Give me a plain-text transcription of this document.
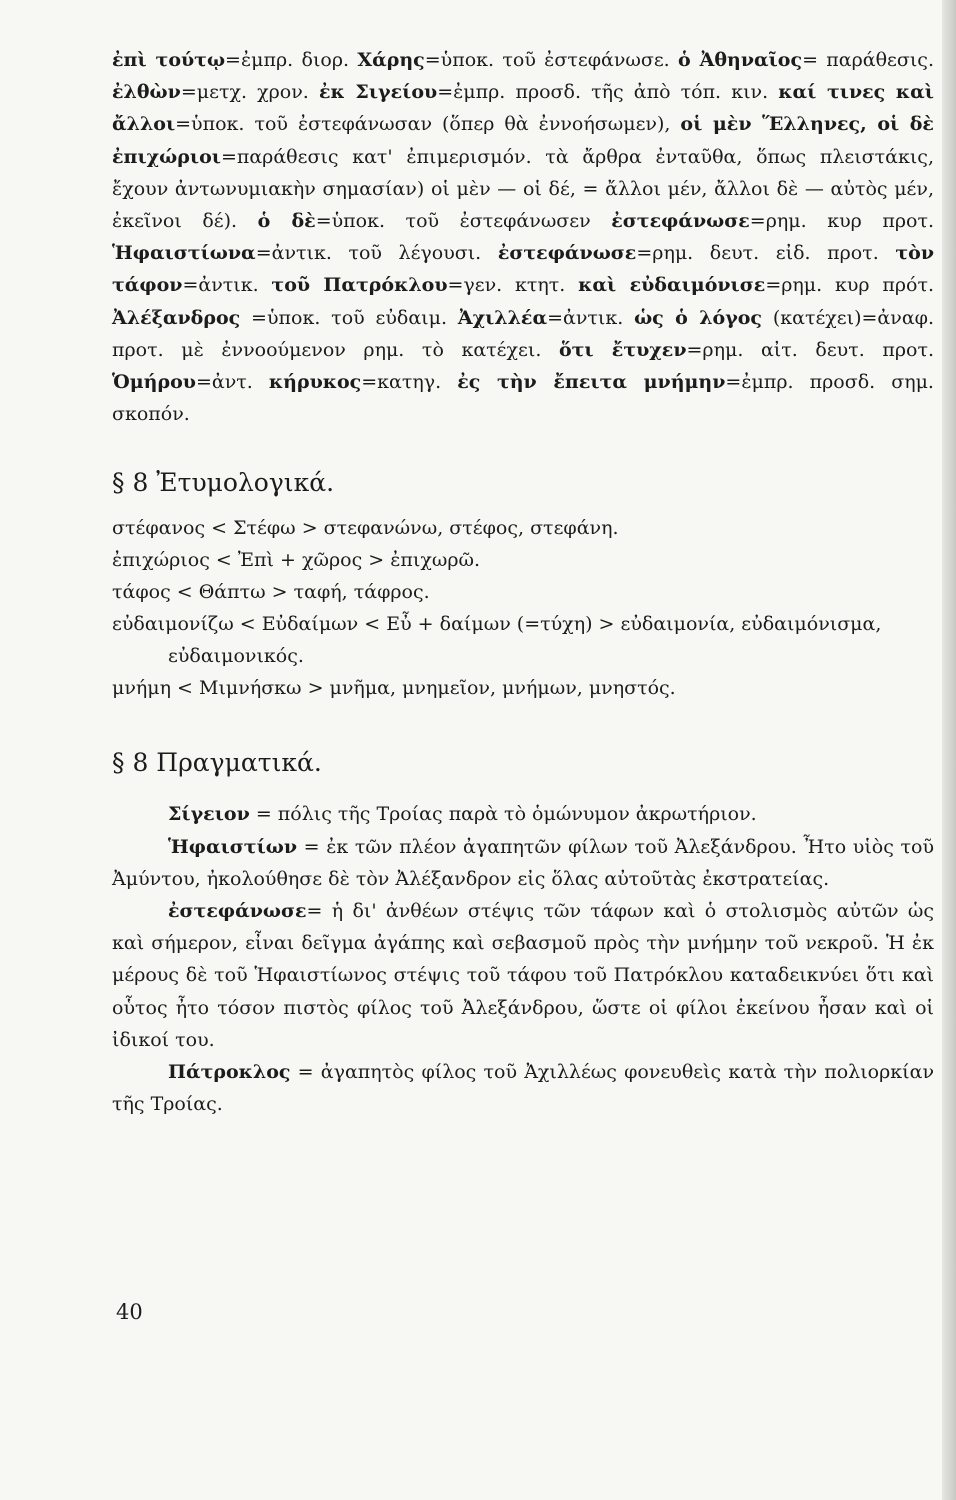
ἐπὶ τούτῳ=ἐμπρ. διορ. Χάρης=ὑποκ. τοῦ ἐστεφάνωσε. ὁ Ἀθηναῖος= παράθεσις. ἐλθὼν=μετχ. χρον. ἐκ Σιγείου=ἐμπρ. προσδ. τῆς ἀπὸ τόπ. κιν. καί τινες καὶ ἄλλοι=ὑποκ. τοῦ ἐστεφάνωσαν (ὅπερ θὰ ἐννοήσωμεν), οἱ μὲν Ἕλληνες, οἱ δὲ ἐπιχώριοι=παράθεσις κατ' ἐπιμερισμόν. τὰ ἄρθρα ἐνταῦθα, ὅπως πλειστάκις, ἔχουν ἀντωνυμιακὴν σημασίαν) οἱ μὲν — οἱ δέ, = ἄλλοι μέν, ἄλλοι δὲ — αὐτὸς μέν, ἐκεῖνοι δέ). ὁ δὲ=ὑποκ. τοῦ ἐστεφάνωσεν ἐστεφάνωσε=ρημ. κυρ προτ. Ἡφαιστίωνα=ἀντικ. τοῦ λέγουσι. ἐστεφάνωσε=ρημ. δευτ. εἰδ. προτ. τὸν τάφον=ἀντικ. τοῦ Πατρόκλου=γεν. κτητ. καὶ εὐδαιμόνισε=ρημ. κυρ πρότ. Ἀλέξανδρος =ὑποκ. τοῦ εὐδαιμ. Ἀχιλλέα=ἀντικ. ὡς ὁ λόγος (κατέχει)=ἀναφ. προτ. μὲ ἐννοούμενον ρημ. τὸ κατέχει. ὅτι ἔτυχεν=ρημ. αἰτ. δευτ. προτ. Ὁμήρου=ἀντ. κήρυκος=κατηγ. ἐς τὴν ἔπειτα μνήμην=ἐμπρ. προσδ. σημ. σκοπόν.

§ 8 Ἐτυμολογικά.

στέφανος < Στέφω > στεφανώνω, στέφος, στεφάνη.

ἐπιχώριος < Ἐπὶ + χῶρος > ἐπιχωρῶ.

τάφος < Θάπτω > ταφή, τάφρος.

εὐδαιμονίζω < Εὐδαίμων < Εὖ + δαίμων (=τύχη) > εὐδαιμονία, εὐδαιμόνισμα, εὐδαιμονικός.

μνήμη < Μιμνήσκω > μνῆμα, μνημεῖον, μνήμων, μνηστός.

§ 8 Πραγματικά.

Σίγειον = πόλις τῆς Τροίας παρὰ τὸ ὁμώνυμον ἀκρωτήριον.

Ἡφαιστίων = ἐκ τῶν πλέον ἀγαπητῶν φίλων τοῦ Ἀλεξάνδρου. Ἦτο υἱὸς τοῦ Ἀμύντου, ἠκολούθησε δὲ τὸν Ἀλέξανδρον εἰς ὅλας αὐτοῦτὰς ἐκστρατείας.

ἐστεφάνωσε= ἡ δι' ἀνθέων στέψις τῶν τάφων καὶ ὁ στολισμὸς αὐτῶν ὡς καὶ σήμερον, εἶναι δεῖγμα ἀγάπης καὶ σεβασμοῦ πρὸς τὴν μνήμην τοῦ νεκροῦ. Ἡ ἐκ μέρους δὲ τοῦ Ἡφαιστίωνος στέψις τοῦ τάφου τοῦ Πατρόκλου καταδεικνύει ὅτι καὶ οὗτος ἦτο τόσον πιστὸς φίλος τοῦ Ἀλεξάνδρου, ὥστε οἱ φίλοι ἐκείνου ἦσαν καὶ οἱ ἰδικοί του.

Πάτροκλος = ἀγαπητὸς φίλος τοῦ Ἀχιλλέως φονευθεὶς κατὰ τὴν πολιορκίαν τῆς Τροίας.

40
